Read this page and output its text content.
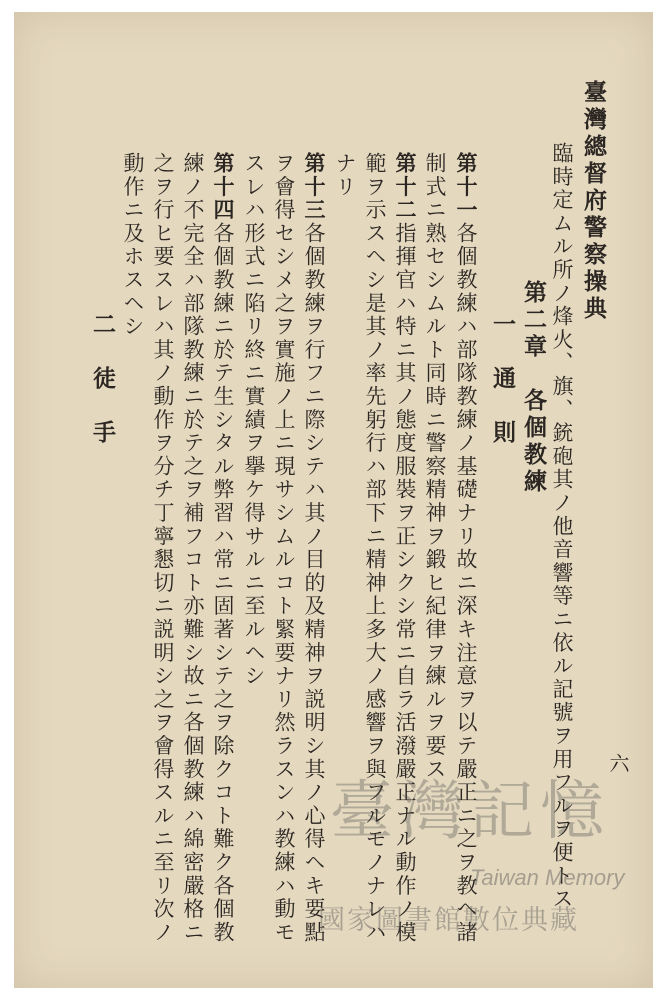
臺灣總督府警察操典
臨時定ムル所ノ烽火、旗、銃砲其ノ他音響等ニ依ル記號ヲ用フルヲ便トス
第二章　各個教練
一　通　則
第十一各個教練ハ部隊教練ノ基礎ナリ故ニ深キ注意ヲ以テ嚴正ニ之ヲ教ヘ諸
制式ニ熟セシムルト同時ニ警察精神ヲ鍛ヒ紀律ヲ練ルヲ要ス
第十二指揮官ハ特ニ其ノ態度服裝ヲ正シクシ常ニ自ラ活潑嚴正ナル動作ノ模
範ヲ示スヘシ是其ノ率先躬行ハ部下ニ精神上多大ノ感響ヲ與フルモノナレハ
ナリ
第十三各個教練ヲ行フニ際シテハ其ノ目的及精神ヲ説明シ其ノ心得ヘキ要點
ヲ會得セシメ之ヲ實施ノ上ニ現サシムルコト緊要ナリ然ラスンハ教練ハ動モ
スレハ形式ニ陷リ終ニ實績ヲ擧ケ得サルニ至ルヘシ
第十四各個教練ニ於テ生シタル弊習ハ常ニ固著シテ之ヲ除クコト難ク各個教
練ノ不完全ハ部隊教練ニ於テ之ヲ補フコト亦難シ故ニ各個教練ハ綿密嚴格ニ
之ヲ行ヒ要スレハ其ノ動作ヲ分チ丁寧懇切ニ説明シ之ヲ會得スルニ至リ次ノ
動作ニ及ホスヘシ
二　徒　手
六
臺灣記憶
Taiwan Memory
國家圖書館數位典藏
